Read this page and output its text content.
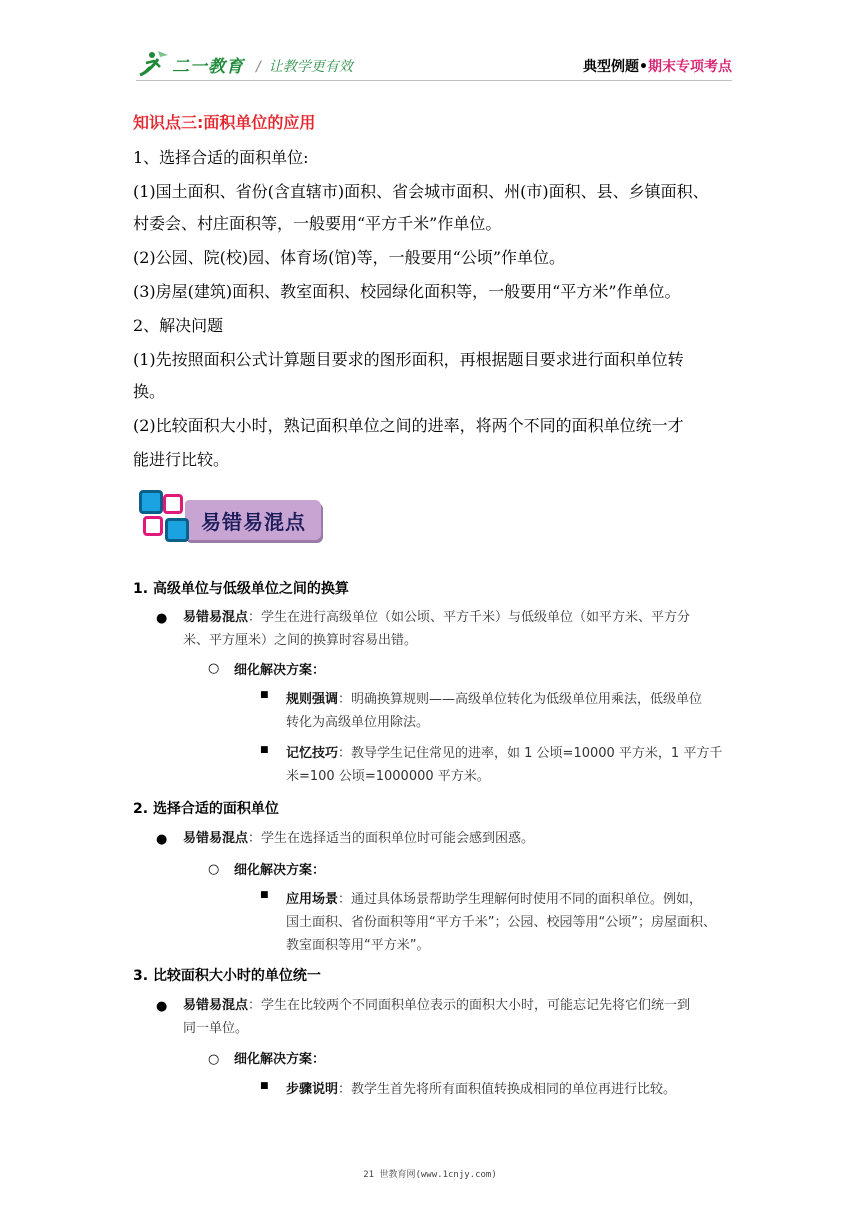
二一教育 / 让教学更有效	典型例题•期末专项考点
知识点三:面积单位的应用
1、选择合适的面积单位:
(1)国土面积、省份(含直辖市)面积、省会城市面积、州(市)面积、县、乡镇面积、
村委会、村庄面积等，一般要用“平方千米”作单位。
(2)公园、院(校)园、体育场(馆)等，一般要用“公顷”作单位。
(3)房屋(建筑)面积、教室面积、校园绿化面积等，一般要用“平方米”作单位。
2、解决问题
(1)先按照面积公式计算题目要求的图形面积，再根据题目要求进行面积单位转
换。
(2)比较面积大小时，熟记面积单位之间的进率，将两个不同的面积单位统一才
能进行比较。
易错易混点
1. 高级单位与低级单位之间的换算
● 易错易混点：学生在进行高级单位（如公顷、平方千米）与低级单位（如平方米、平方分
米、平方厘米）之间的换算时容易出错。
○ 细化解决方案：
■ 规则强调：明确换算规则——高级单位转化为低级单位用乘法，低级单位
转化为高级单位用除法。
■ 记忆技巧：教导学生记住常见的进率，如 1 公顷=10000 平方米，1 平方千
米=100 公顷=1000000 平方米。
2. 选择合适的面积单位
● 易错易混点：学生在选择适当的面积单位时可能会感到困惑。
○ 细化解决方案：
■ 应用场景：通过具体场景帮助学生理解何时使用不同的面积单位。例如，
国土面积、省份面积等用“平方千米”；公园、校园等用“公顷”；房屋面积、
教室面积等用“平方米”。
3. 比较面积大小时的单位统一
● 易错易混点：学生在比较两个不同面积单位表示的面积大小时，可能忘记先将它们统一到
同一单位。
○ 细化解决方案：
■ 步骤说明：教学生首先将所有面积值转换成相同的单位再进行比较。
21 世教育网(www.1cnjy.com)
